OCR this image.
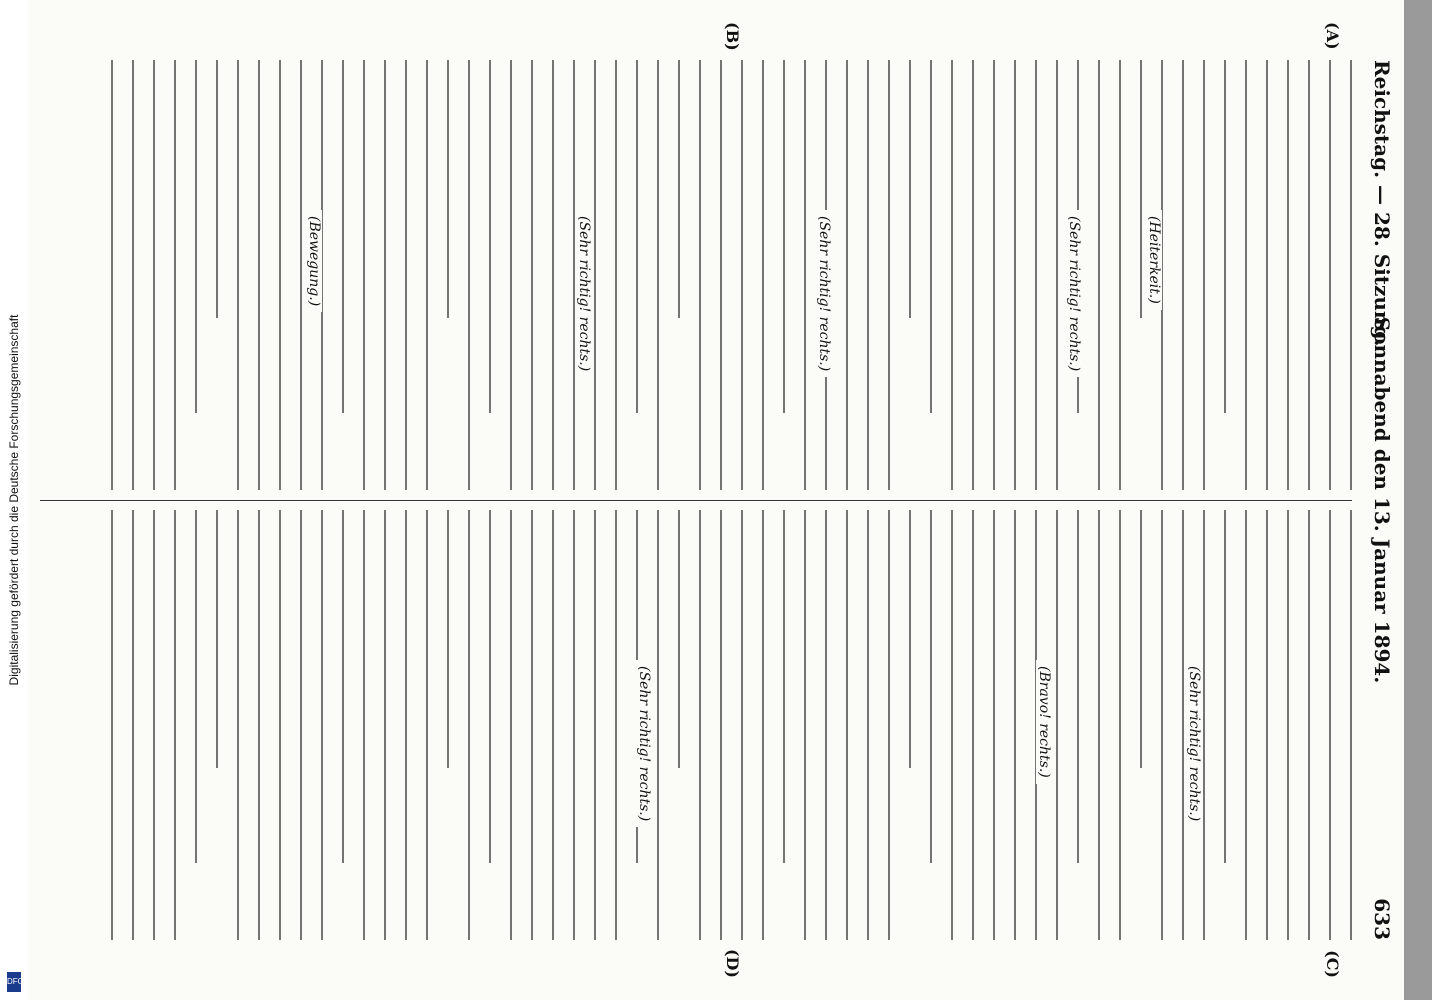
Reichstag. — 28. Sitzung.
Sonnabend den 13. Januar 1894.
633
(Heiterkeit.)
(Sehr richtig! rechts.)
(Sehr richtig! rechts.)
(Sehr richtig! rechts.)
(Bewegung.)
(Sehr richtig! rechts.)
(Bravo! rechts.)
(Sehr richtig! rechts.)
(A)
(B)
(C)
(D)
Digitalisierung gefördert durch die Deutsche Forschungsgemeinschaft
DFG
